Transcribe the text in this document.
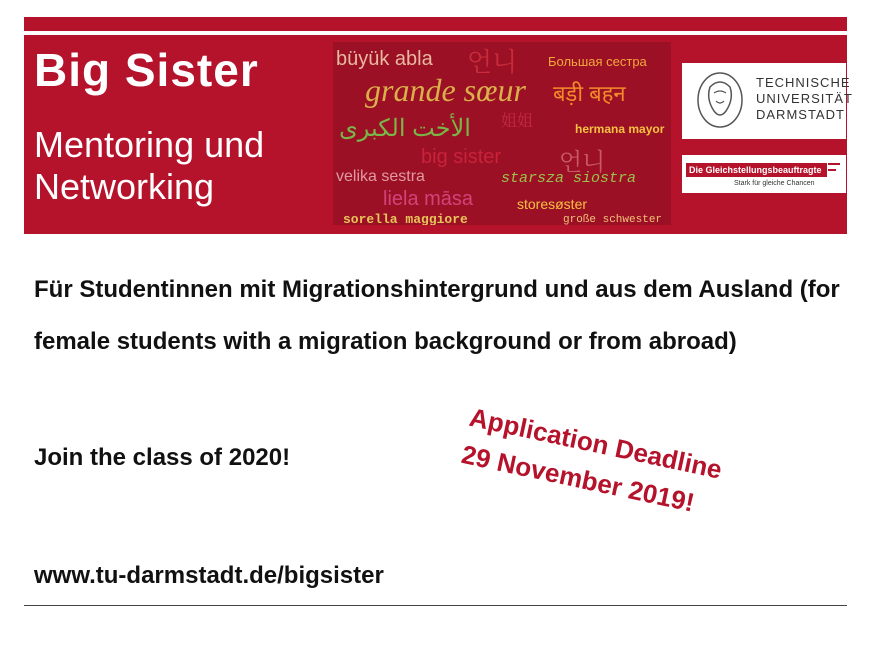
Big Sister
Mentoring und
Networking
büyük abla 언니 Большая сестра
grande sœur बड़ी बहन
الأخت الكبرى 姐姐	hermana mayor
big sister 언니
velika sestra	starsza siostra
liela māsa	storesøster
sorella maggiore	große schwester
TECHNISCHE
UNIVERSITÄT
DARMSTADT
Die Gleichstellungsbeauftragte
Stark für gleiche Chancen
Für Studentinnen mit Migrationshintergrund und aus dem Ausland (for female students with a migration background or from abroad)
Join the class of 2020!	Application Deadline
29 November 2019!
www.tu-darmstadt.de/bigsister
